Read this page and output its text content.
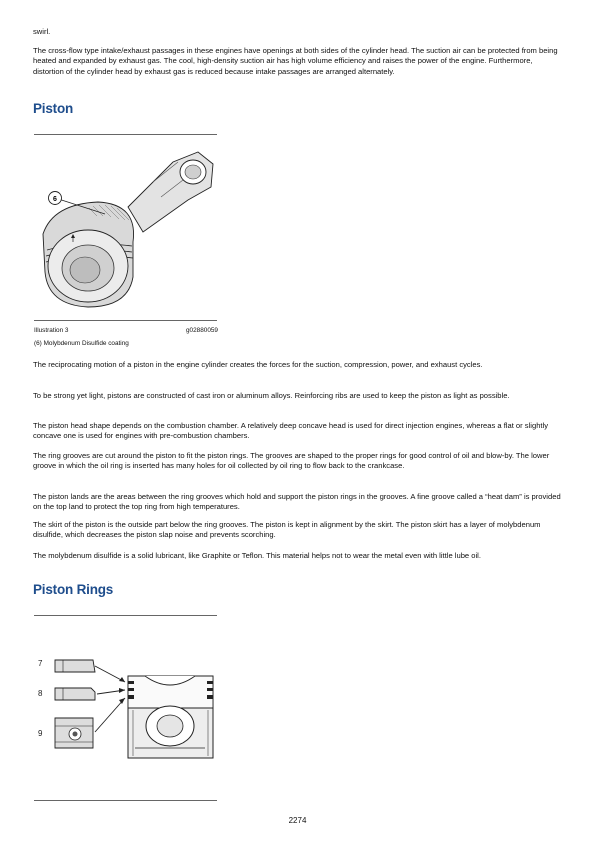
swirl.

The cross-flow type intake/exhaust passages in these engines have openings at both sides of the cylinder head. The suction air can be protected from being heated and expanded by exhaust gas. The cool, high-density suction air has high volume efficiency and raises the power of the engine. Furthermore, distortion of the cylinder head by exhaust gas is reduced because intake passages are arranged alternately.

Piston
6
Illustration 3	g02880059
(6) Molybdenum Disulfide coating

The reciprocating motion of a piston in the engine cylinder creates the forces for the suction, compression, power, and exhaust cycles.

To be strong yet light, pistons are constructed of cast iron or aluminum alloys. Reinforcing ribs are used to keep the piston as light as possible.

The piston head shape depends on the combustion chamber. A relatively deep concave head is used for direct injection engines, whereas a flat or slightly concave one is used for engines with pre-combustion chambers.

The ring grooves are cut around the piston to fit the piston rings. The grooves are shaped to the proper rings for good control of oil and blow-by. The lower groove in which the oil ring is inserted has many holes for oil collected by oil ring to flow back to the crankcase.

The piston lands are the areas between the ring grooves which hold and support the piston rings in the grooves. A fine groove called a “heat dam” is provided on the top land to protect the top ring from high temperatures.

The skirt of the piston is the outside part below the ring grooves. The piston is kept in alignment by the skirt. The piston skirt has a layer of molybdenum disulfide, which decreases the piston slap noise and prevents scorching.

The molybdenum disulfide is a solid lubricant, like Graphite or Teflon. This material helps not to wear the metal even with little lube oil.

Piston Rings
7
8
9
2274
